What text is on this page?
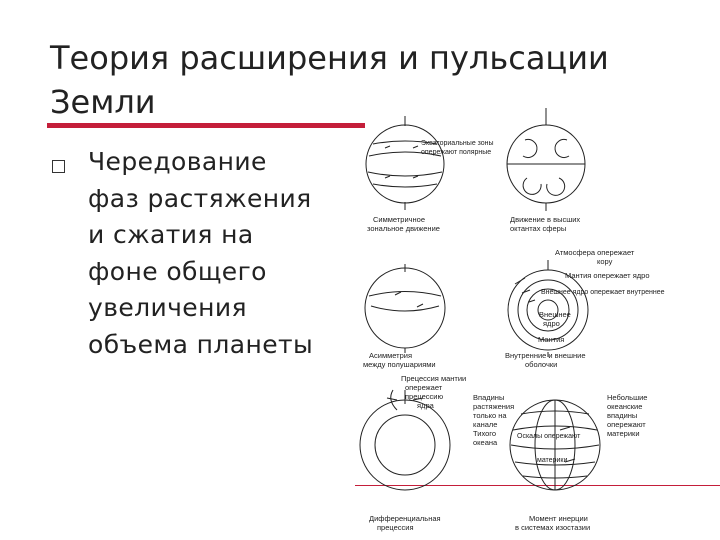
Теория расширения и пульсации Земли

Чередование фаз растяжения и сжатия на фоне общего увеличения объема планеты

Экваториальные зоны
опережают полярные
Симметричное
зональное движение
Движение в высших
октантах сферы
Асимметрия
между полушариями
Атмосфера опережает
кору
Мантия опережает ядро
Внешнее ядро опережает внутреннее
Внешнее
ядро
Мантия
Внутренние и внешние
оболочки
Прецессия мантии
опережает
прецессию
ядра
Дифференциальная
прецессия
Впадины
растяжения
только на
канале
Тихого
океана
Небольшие
океанские
впадины
опережают
материки
Оскалы опережают
материки
Момент инерции
в системах изостазии
